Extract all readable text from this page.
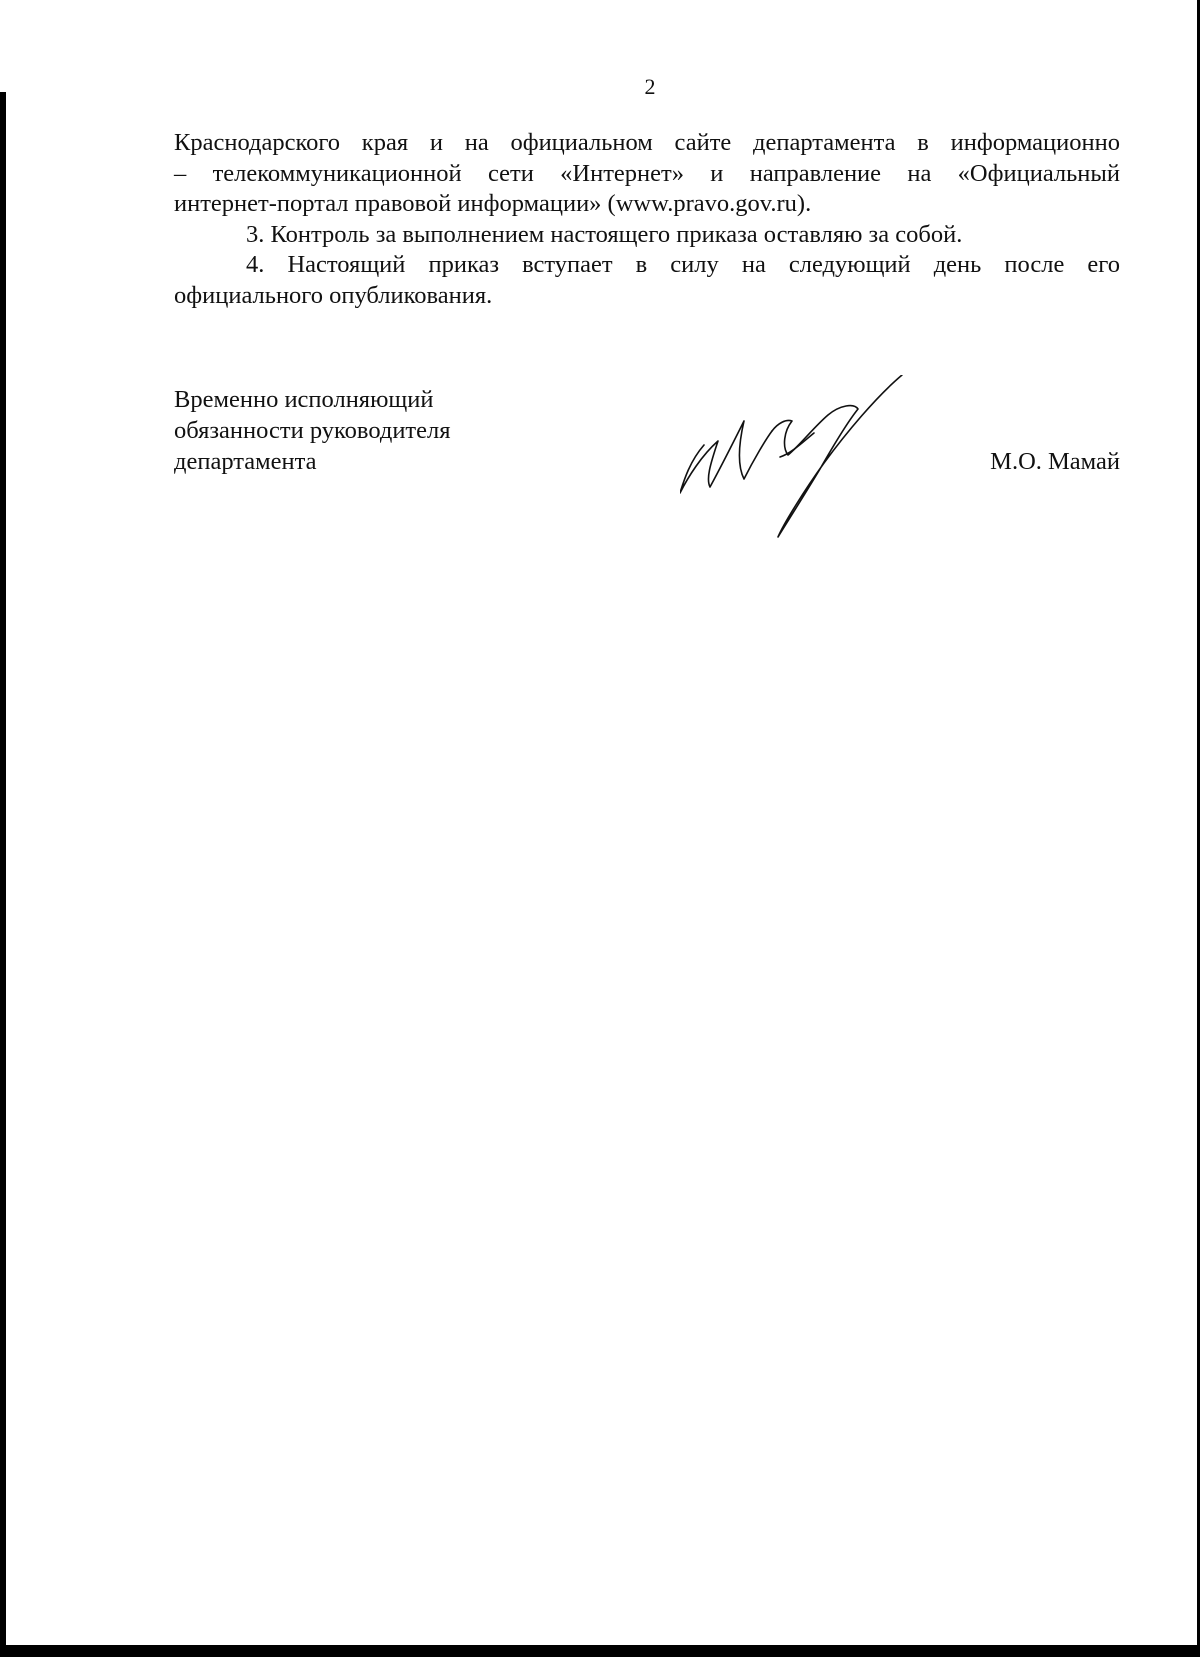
2

Краснодарского края и на официальном сайте департамента в информационно
– телекоммуникационной сети «Интернет» и направление на «Официальный
интернет-портал правовой информации» (www.pravo.gov.ru).

3. Контроль за выполнением настоящего приказа оставляю за собой.

4. Настоящий приказ вступает в силу на следующий день после его
официального опубликования.

Временно исполняющий
обязанности руководителя
департамента	М.О. Мамай
